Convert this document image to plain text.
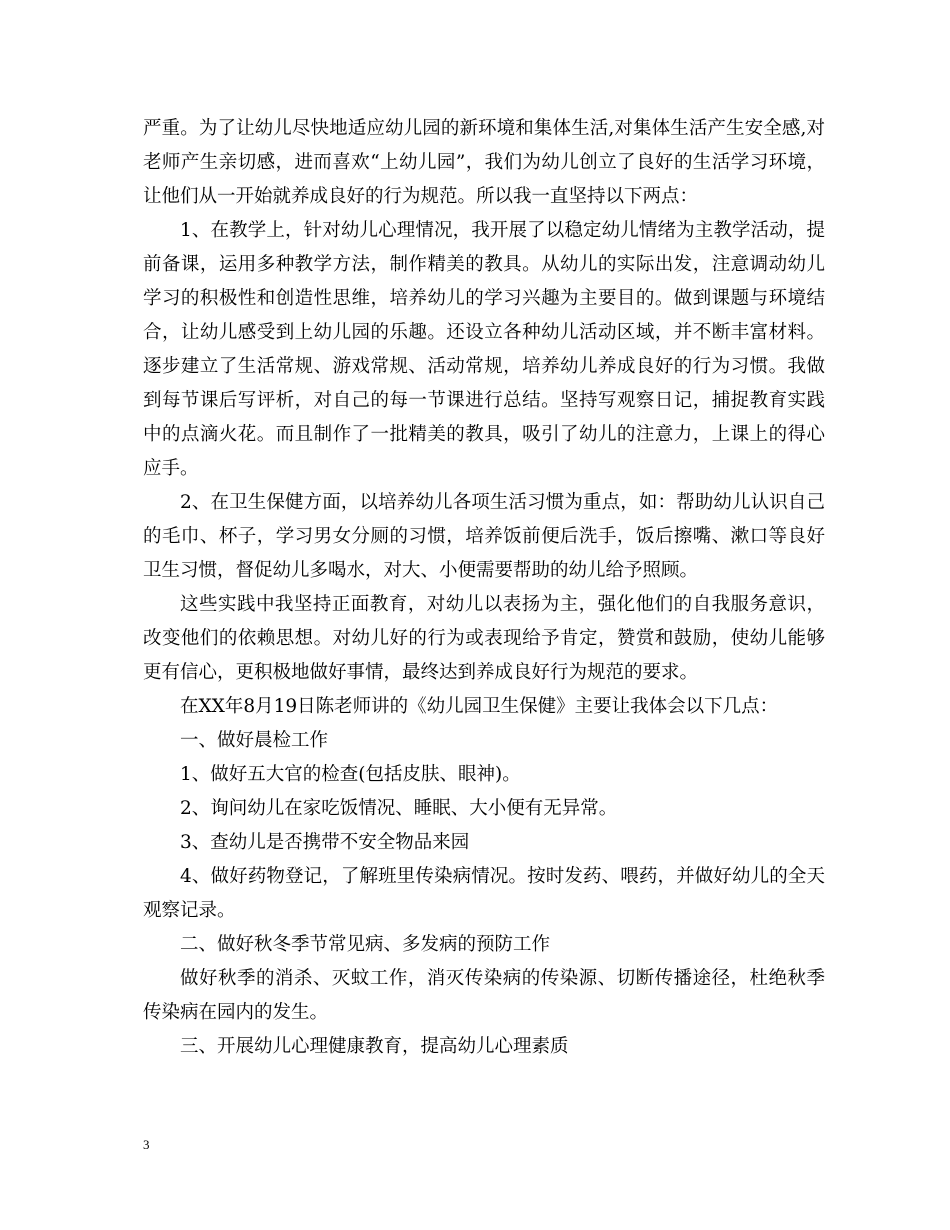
严重。为了让幼儿尽快地适应幼儿园的新环境和集体生活,对集体生活产生安全感,对老师产生亲切感，进而喜欢“上幼儿园”，我们为幼儿创立了良好的生活学习环境，让他们从一开始就养成良好的行为规范。所以我一直坚持以下两点：

1、在教学上，针对幼儿心理情况，我开展了以稳定幼儿情绪为主教学活动，提前备课，运用多种教学方法，制作精美的教具。从幼儿的实际出发，注意调动幼儿学习的积极性和创造性思维，培养幼儿的学习兴趣为主要目的。做到课题与环境结合，让幼儿感受到上幼儿园的乐趣。还设立各种幼儿活动区域，并不断丰富材料。逐步建立了生活常规、游戏常规、活动常规，培养幼儿养成良好的行为习惯。我做到每节课后写评析，对自己的每一节课进行总结。坚持写观察日记，捕捉教育实践中的点滴火花。而且制作了一批精美的教具，吸引了幼儿的注意力，上课上的得心应手。

2、在卫生保健方面，以培养幼儿各项生活习惯为重点，如：帮助幼儿认识自己的毛巾、杯子，学习男女分厕的习惯，培养饭前便后洗手，饭后擦嘴、漱口等良好卫生习惯，督促幼儿多喝水，对大、小便需要帮助的幼儿给予照顾。

这些实践中我坚持正面教育，对幼儿以表扬为主，强化他们的自我服务意识，改变他们的依赖思想。对幼儿好的行为或表现给予肯定，赞赏和鼓励，使幼儿能够更有信心，更积极地做好事情，最终达到养成良好行为规范的要求。

在XX年8月19日陈老师讲的《幼儿园卫生保健》主要让我体会以下几点：

一、做好晨检工作

1、做好五大官的检查(包括皮肤、眼神)。

2、询问幼儿在家吃饭情况、睡眠、大小便有无异常。

3、查幼儿是否携带不安全物品来园

4、做好药物登记，了解班里传染病情况。按时发药、喂药，并做好幼儿的全天观察记录。

二、做好秋冬季节常见病、多发病的预防工作

做好秋季的消杀、灭蚊工作，消灭传染病的传染源、切断传播途径，杜绝秋季传染病在园内的发生。

三、开展幼儿心理健康教育，提高幼儿心理素质

3
